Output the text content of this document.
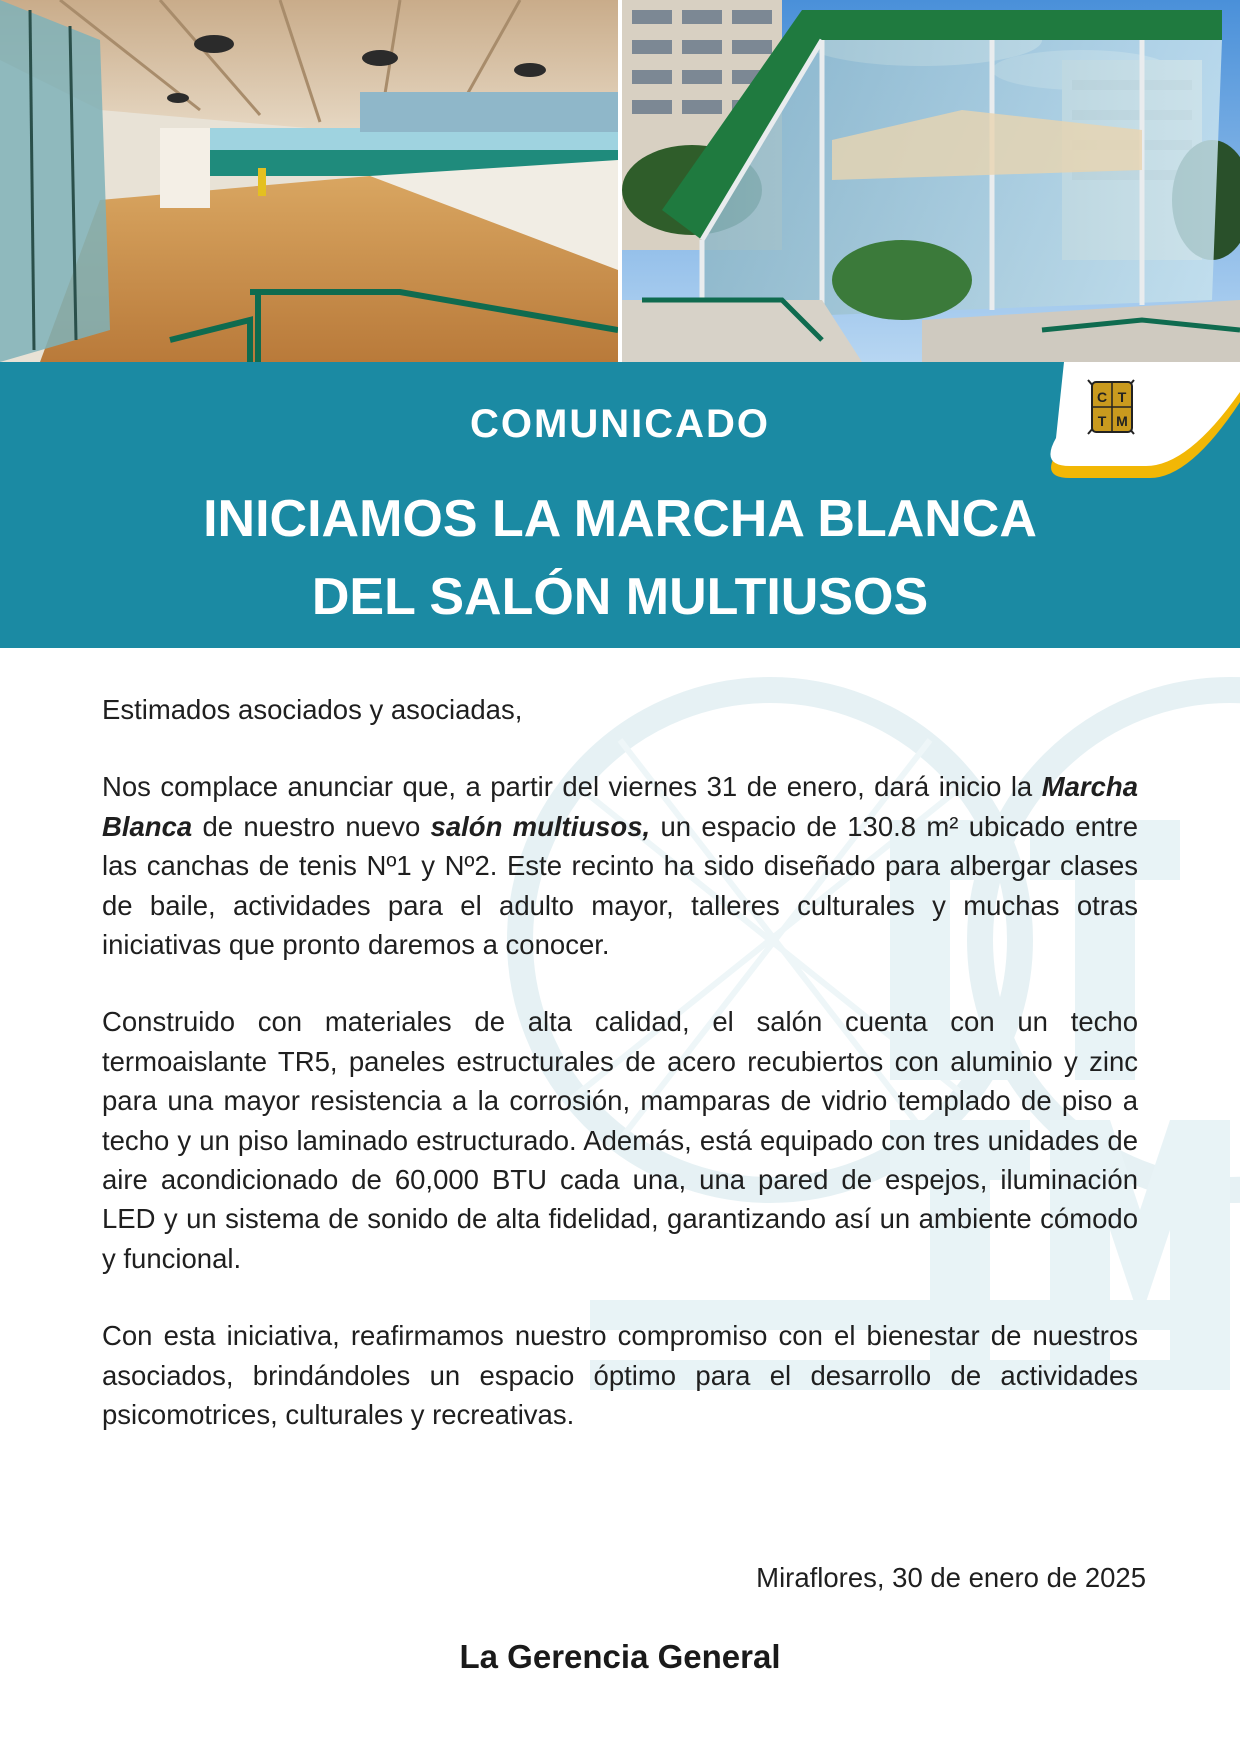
COMUNICADO
INICIAMOS LA MARCHA BLANCA
DEL SALÓN MULTIUSOS
C T
T M

Estimados asociados y asociadas,

Nos complace anunciar que, a partir del viernes 31 de enero, dará inicio la Marcha Blanca de nuestro nuevo salón multiusos, un espacio de 130.8 m² ubicado entre las canchas de tenis Nº1 y Nº2. Este recinto ha sido diseñado para albergar clases de baile, actividades para el adulto mayor, talleres culturales y muchas otras iniciativas que pronto daremos a conocer.

Construido con materiales de alta calidad, el salón cuenta con un techo termoaislante TR5, paneles estructurales de acero recubiertos con aluminio y zinc para una mayor resistencia a la corrosión, mamparas de vidrio templado de piso a techo y un piso laminado estructurado. Además, está equipado con tres unidades de aire acondicionado de 60,000 BTU cada una, una pared de espejos, iluminación LED y un sistema de sonido de alta fidelidad, garantizando así un ambiente cómodo y funcional.

Con esta iniciativa, reafirmamos nuestro compromiso con el bienestar de nuestros asociados, brindándoles un espacio óptimo para el desarrollo de actividades psicomotrices, culturales y recreativas.

Miraflores, 30 de enero de 2025
La Gerencia General
